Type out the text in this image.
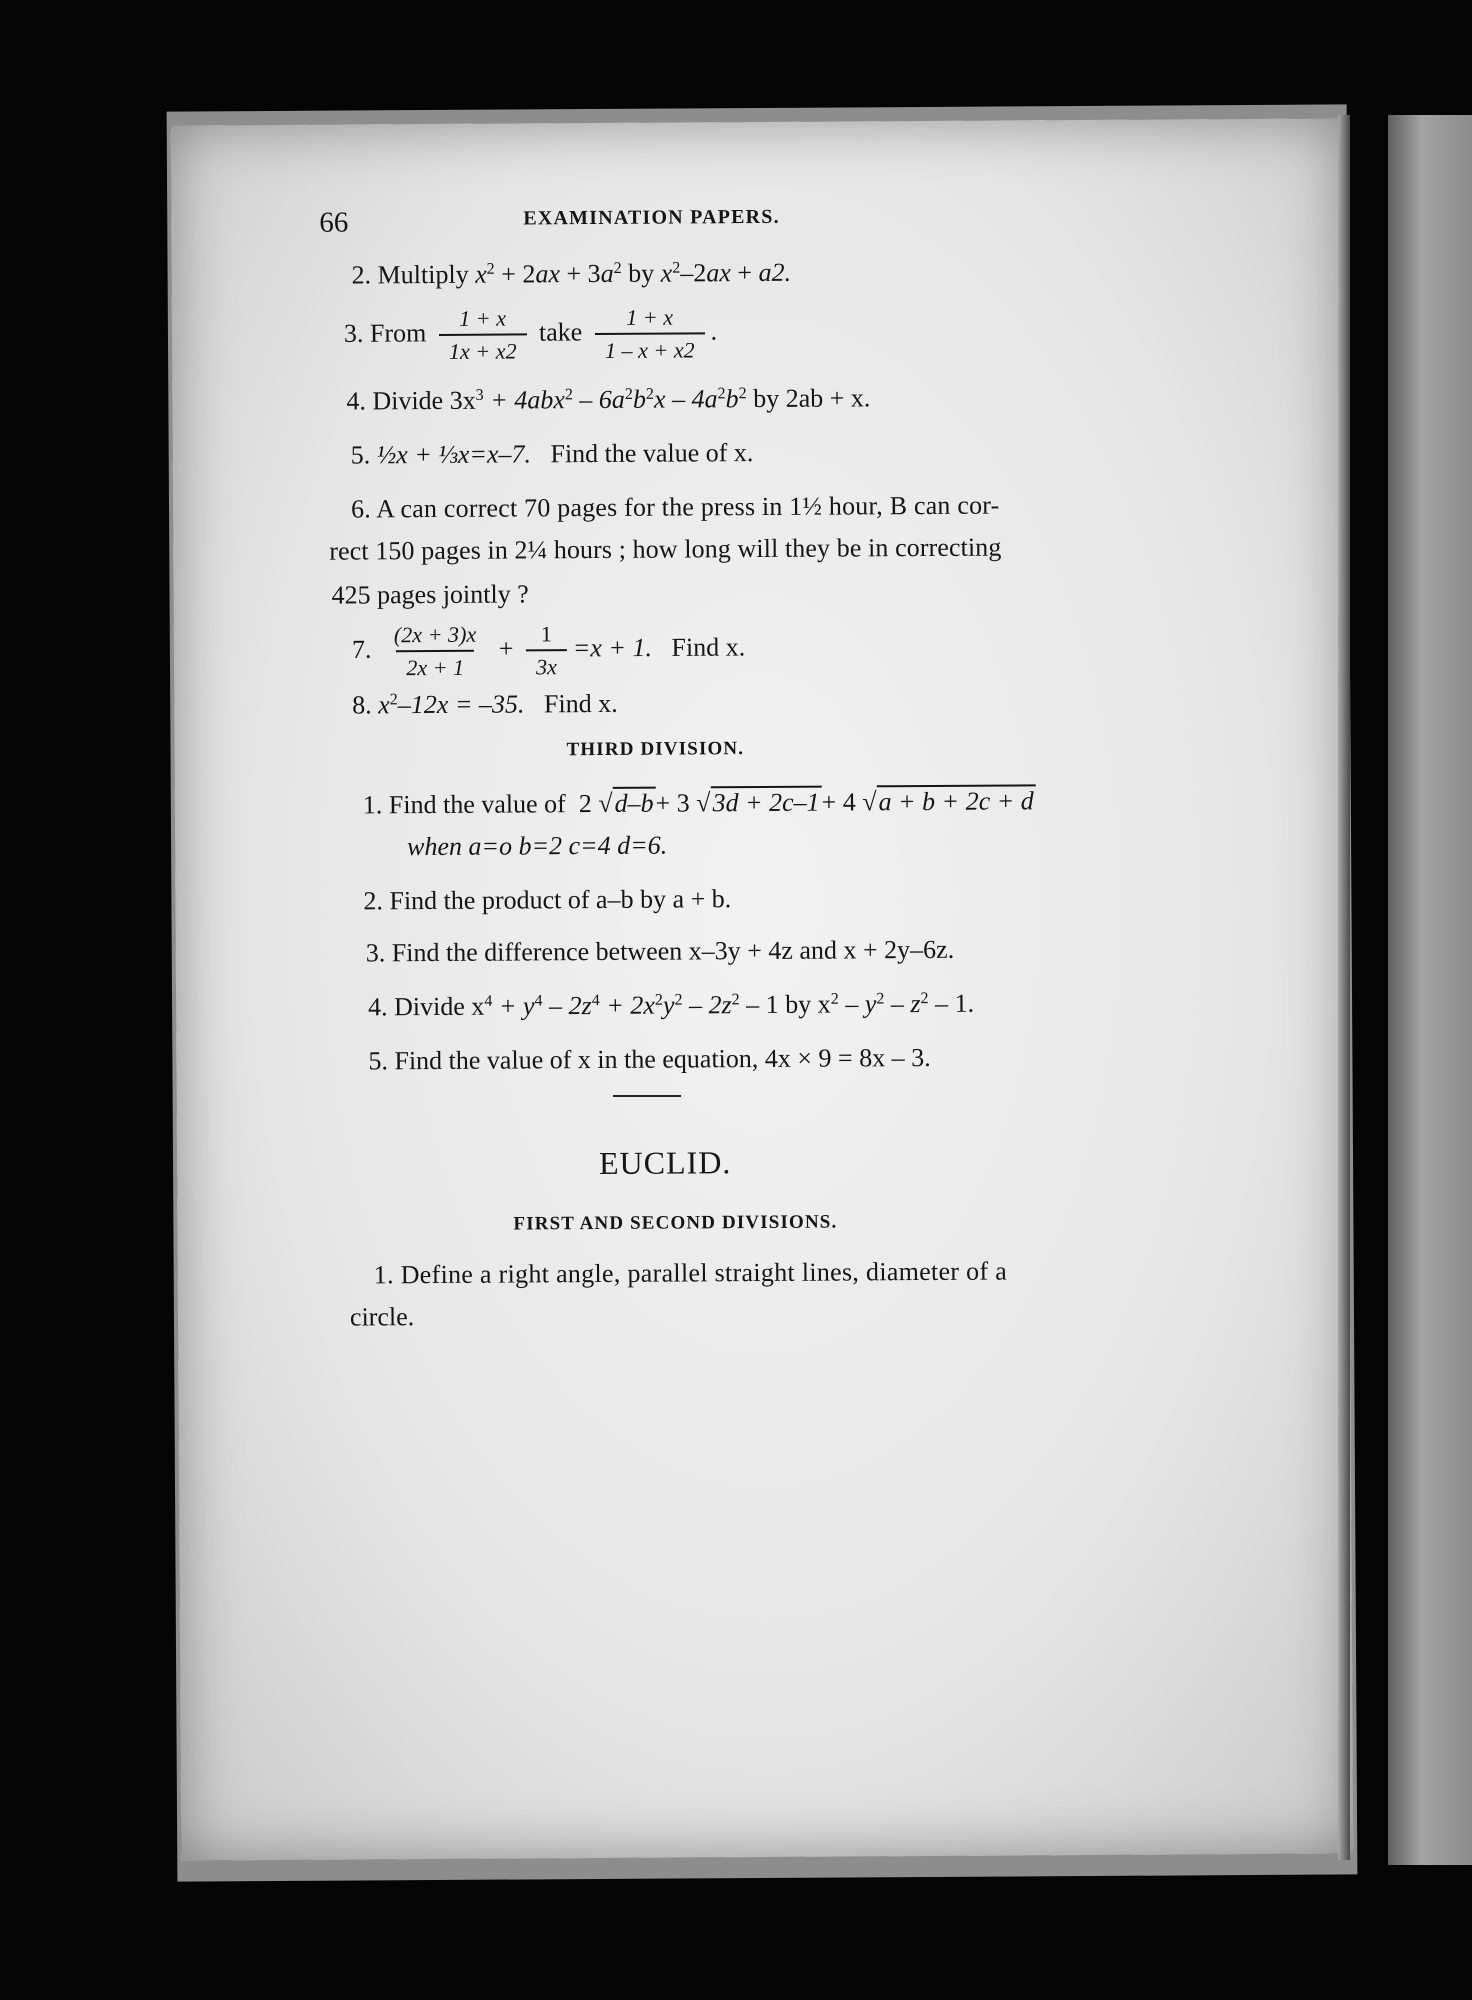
66	EXAMINATION PAPERS.
2. Multiply $x^2 + 2ax + 3a^2$ by $x^2-2ax + a2$.
3. From $\frac{1 + x}{1x + x2}$ take $\frac{1 + x}{1 - x + x2}$ .
4. Divide $3x^3 + 4abx^2 - 6a^2b^2x - 4a^2b^2$ by 2ab + x.
5. ½x + ⅓x=x–7. Find the value of x.
6. A can correct 70 pages for the press in 1½ hour, B can cor-
rect 150 pages in 2¼ hours ; how long will they be in correcting
425 pages jointly ?
7. $\frac{(2x + 3)x}{2x + 1} + \frac{1}{3x} =x + 1$. Find x.
8. $x^2-12x = -35$. Find x.
THIRD DIVISION.
1. Find the value of 2 √d–b+ 3 √3d + 2c–1+ 4 √a + b + 2c + d
when a=o b=2 c=4 d=6.
2. Find the product of a–b by a + b.
3. Find the difference between x–3y + 4z and x + 2y–6z.
4. Divide $x^4 + y^4 - 2z^4 + 2x^2y^2 - 2z^2 - 1$ by $x^2 - y^2 - z^2 - 1$.
5. Find the value of x in the equation, 4x × 9 = 8x – 3.
EUCLID.
FIRST AND SECOND DIVISIONS.
1. Define a right angle, parallel straight lines, diameter of a
circle.
